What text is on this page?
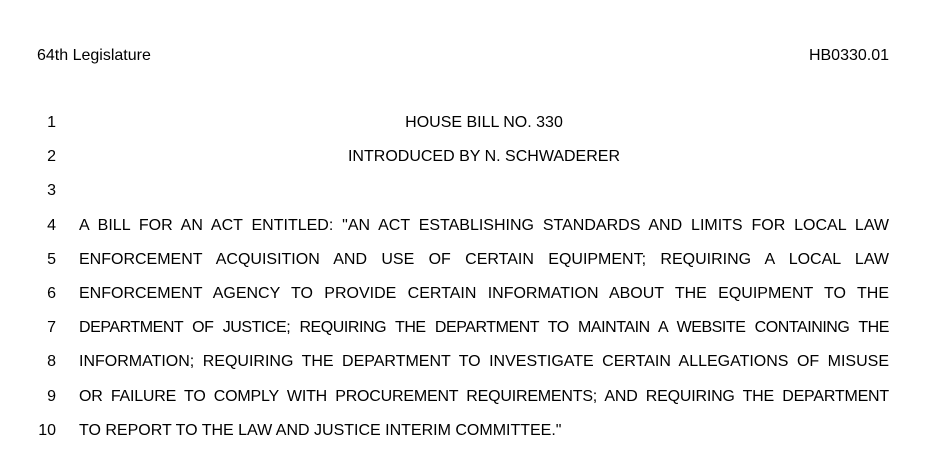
64th Legislature	HB0330.01
1	HOUSE BILL NO. 330
2	INTRODUCED BY N. SCHWADERER
3
4 A BILL FOR AN ACT ENTITLED: "AN ACT ESTABLISHING STANDARDS AND LIMITS FOR LOCAL LAW
5 ENFORCEMENT ACQUISITION AND USE OF CERTAIN EQUIPMENT; REQUIRING A LOCAL LAW
6 ENFORCEMENT AGENCY TO PROVIDE CERTAIN INFORMATION ABOUT THE EQUIPMENT TO THE
7 DEPARTMENT OF JUSTICE; REQUIRING THE DEPARTMENT TO MAINTAIN A WEBSITE CONTAINING THE
8 INFORMATION; REQUIRING THE DEPARTMENT TO INVESTIGATE CERTAIN ALLEGATIONS OF MISUSE
9 OR FAILURE TO COMPLY WITH PROCUREMENT REQUIREMENTS; AND REQUIRING THE DEPARTMENT
10 TO REPORT TO THE LAW AND JUSTICE INTERIM COMMITTEE."
